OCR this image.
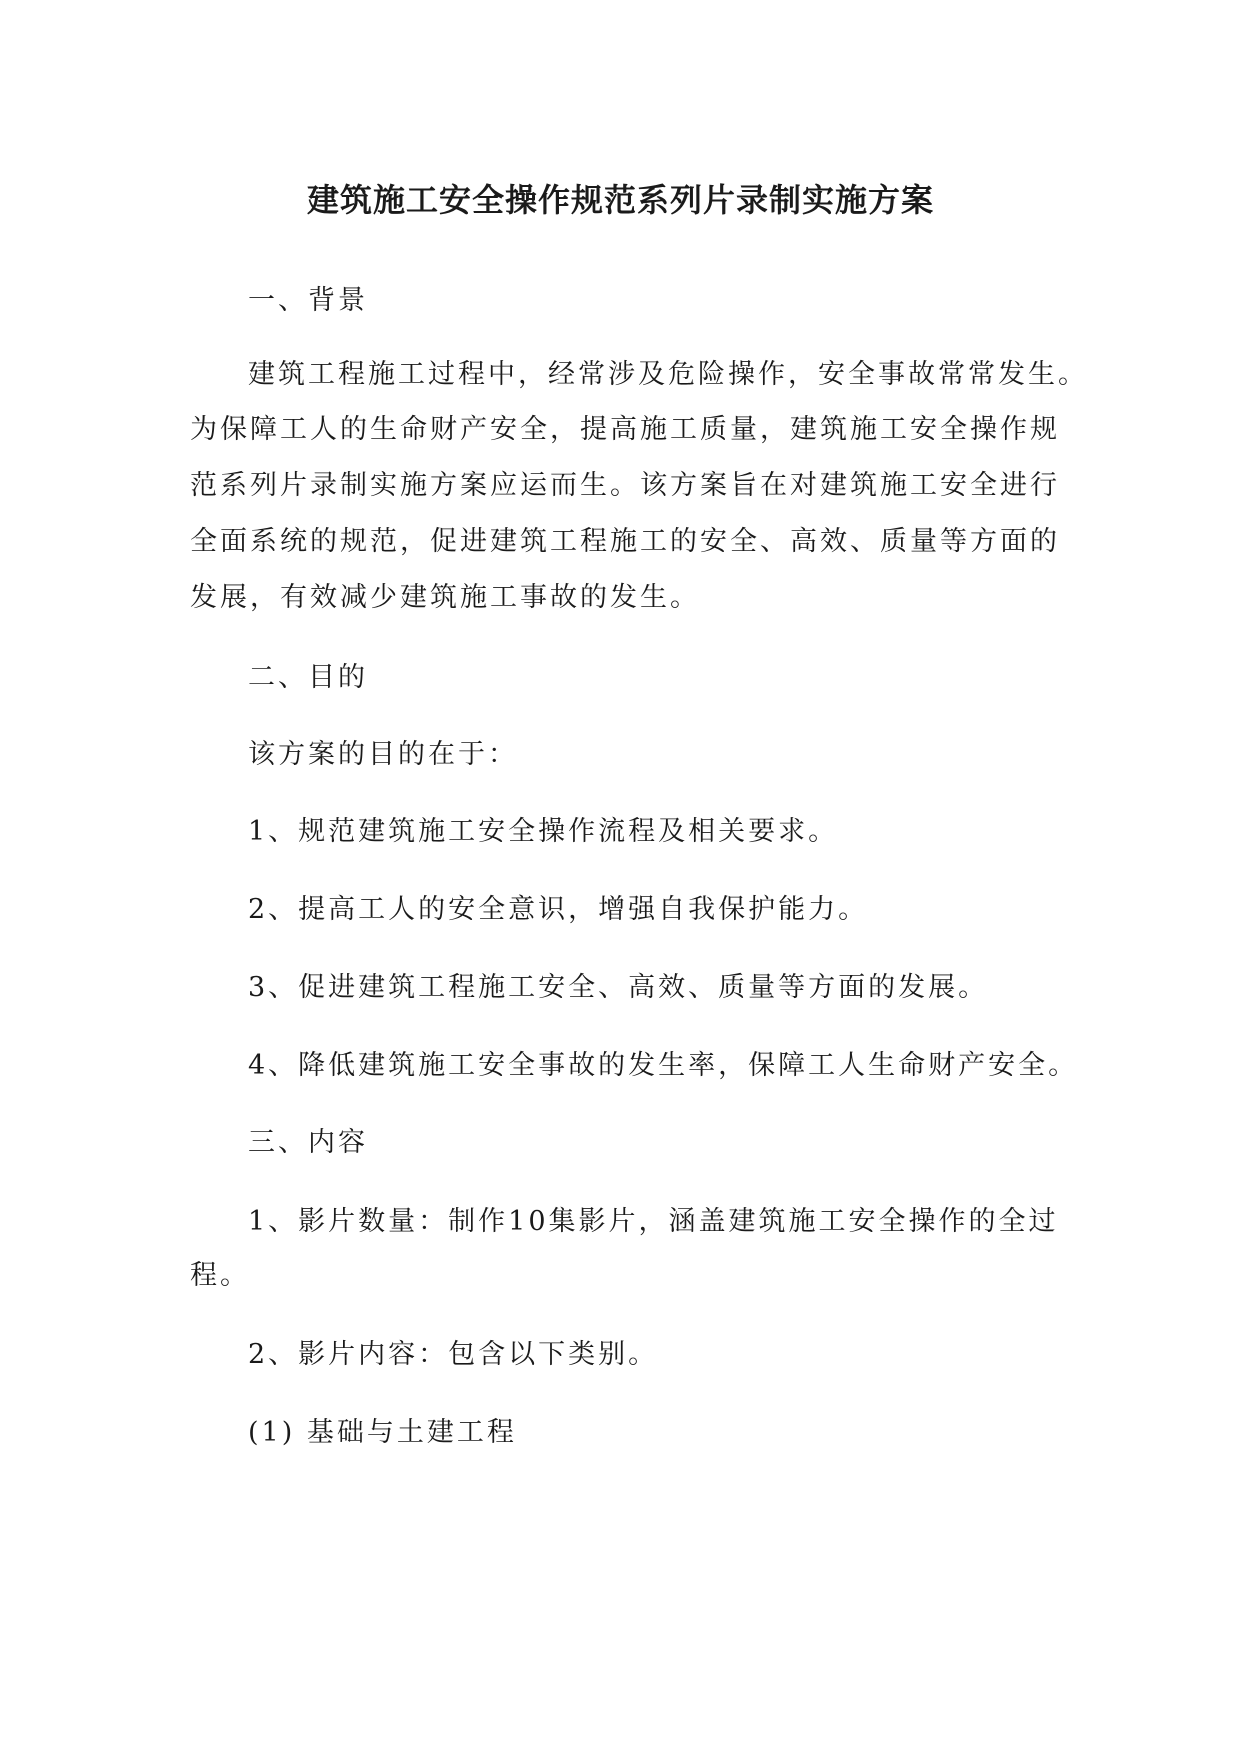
建筑施工安全操作规范系列片录制实施方案
一、背景
建筑工程施工过程中，经常涉及危险操作，安全事故常常发生。
为保障工人的生命财产安全，提高施工质量，建筑施工安全操作规
范系列片录制实施方案应运而生。该方案旨在对建筑施工安全进行
全面系统的规范，促进建筑工程施工的安全、高效、质量等方面的
发展，有效减少建筑施工事故的发生。
二、目的
该方案的目的在于：
1、规范建筑施工安全操作流程及相关要求。
2、提高工人的安全意识，增强自我保护能力。
3、促进建筑工程施工安全、高效、质量等方面的发展。
4、降低建筑施工安全事故的发生率，保障工人生命财产安全。
三、内容
1、影片数量：制作10集影片，涵盖建筑施工安全操作的全过
程。
2、影片内容：包含以下类别。
(1) 基础与土建工程
